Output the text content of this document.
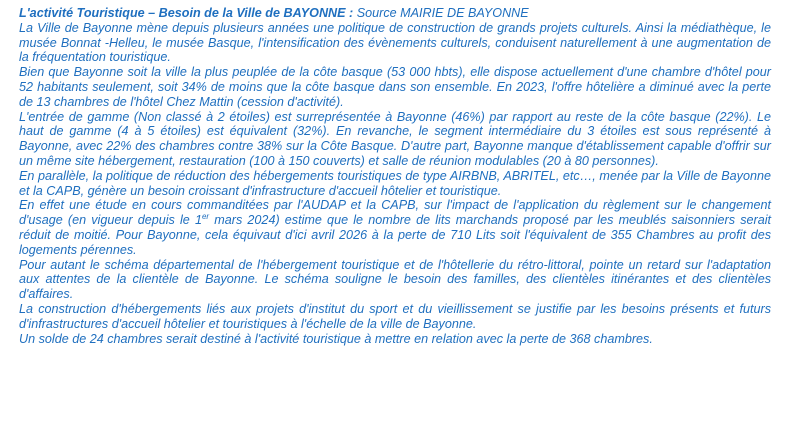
L'activité Touristique – Besoin de la Ville de BAYONNE : Source MAIRIE DE BAYONNE

La Ville de Bayonne mène depuis plusieurs années une politique de construction de grands projets culturels. Ainsi la médiathèque, le musée Bonnat -Helleu, le musée Basque, l'intensification des évènements culturels, conduisent naturellement à une augmentation de la fréquentation touristique.

Bien que Bayonne soit la ville la plus peuplée de la côte basque (53 000 hbts), elle dispose actuellement d'une chambre d'hôtel pour 52 habitants seulement, soit 34% de moins que la côte basque dans son ensemble. En 2023, l'offre hôtelière a diminué avec la perte de 13 chambres de l'hôtel Chez Mattin (cession d'activité).

L'entrée de gamme (Non classé à 2 étoiles) est surreprésentée à Bayonne (46%) par rapport au reste de la côte basque (22%). Le haut de gamme (4 à 5 étoiles) est équivalent (32%). En revanche, le segment intermédiaire du 3 étoiles est sous représenté à Bayonne, avec 22% des chambres contre 38% sur la Côte Basque. D'autre part, Bayonne manque d'établissement capable d'offrir sur un même site hébergement, restauration (100 à 150 couverts) et salle de réunion modulables (20 à 80 personnes).

En parallèle, la politique de réduction des hébergements touristiques de type AIRBNB, ABRITEL, etc…, menée par la Ville de Bayonne et la CAPB, génère un besoin croissant d'infrastructure d'accueil hôtelier et touristique.

En effet une étude en cours commanditées par l'AUDAP et la CAPB, sur l'impact de l'application du règlement sur le changement d'usage (en vigueur depuis le 1er mars 2024) estime que le nombre de lits marchands proposé par les meublés saisonniers serait réduit de moitié. Pour Bayonne, cela équivaut d'ici avril 2026 à la perte de 710 Lits soit l'équivalent de 355 Chambres au profit des logements pérennes.

Pour autant le schéma départemental de l'hébergement touristique et de l'hôtellerie du rétro-littoral, pointe un retard sur l'adaptation aux attentes de la clientèle de Bayonne. Le schéma souligne le besoin des familles, des clientèles itinérantes et des clientèles d'affaires.

La construction d'hébergements liés aux projets d'institut du sport et du vieillissement se justifie par les besoins présents et futurs d'infrastructures d'accueil hôtelier et touristiques à l'échelle de la ville de Bayonne.

Un solde de 24 chambres serait destiné à l'activité touristique à mettre en relation avec la perte de 368 chambres.
